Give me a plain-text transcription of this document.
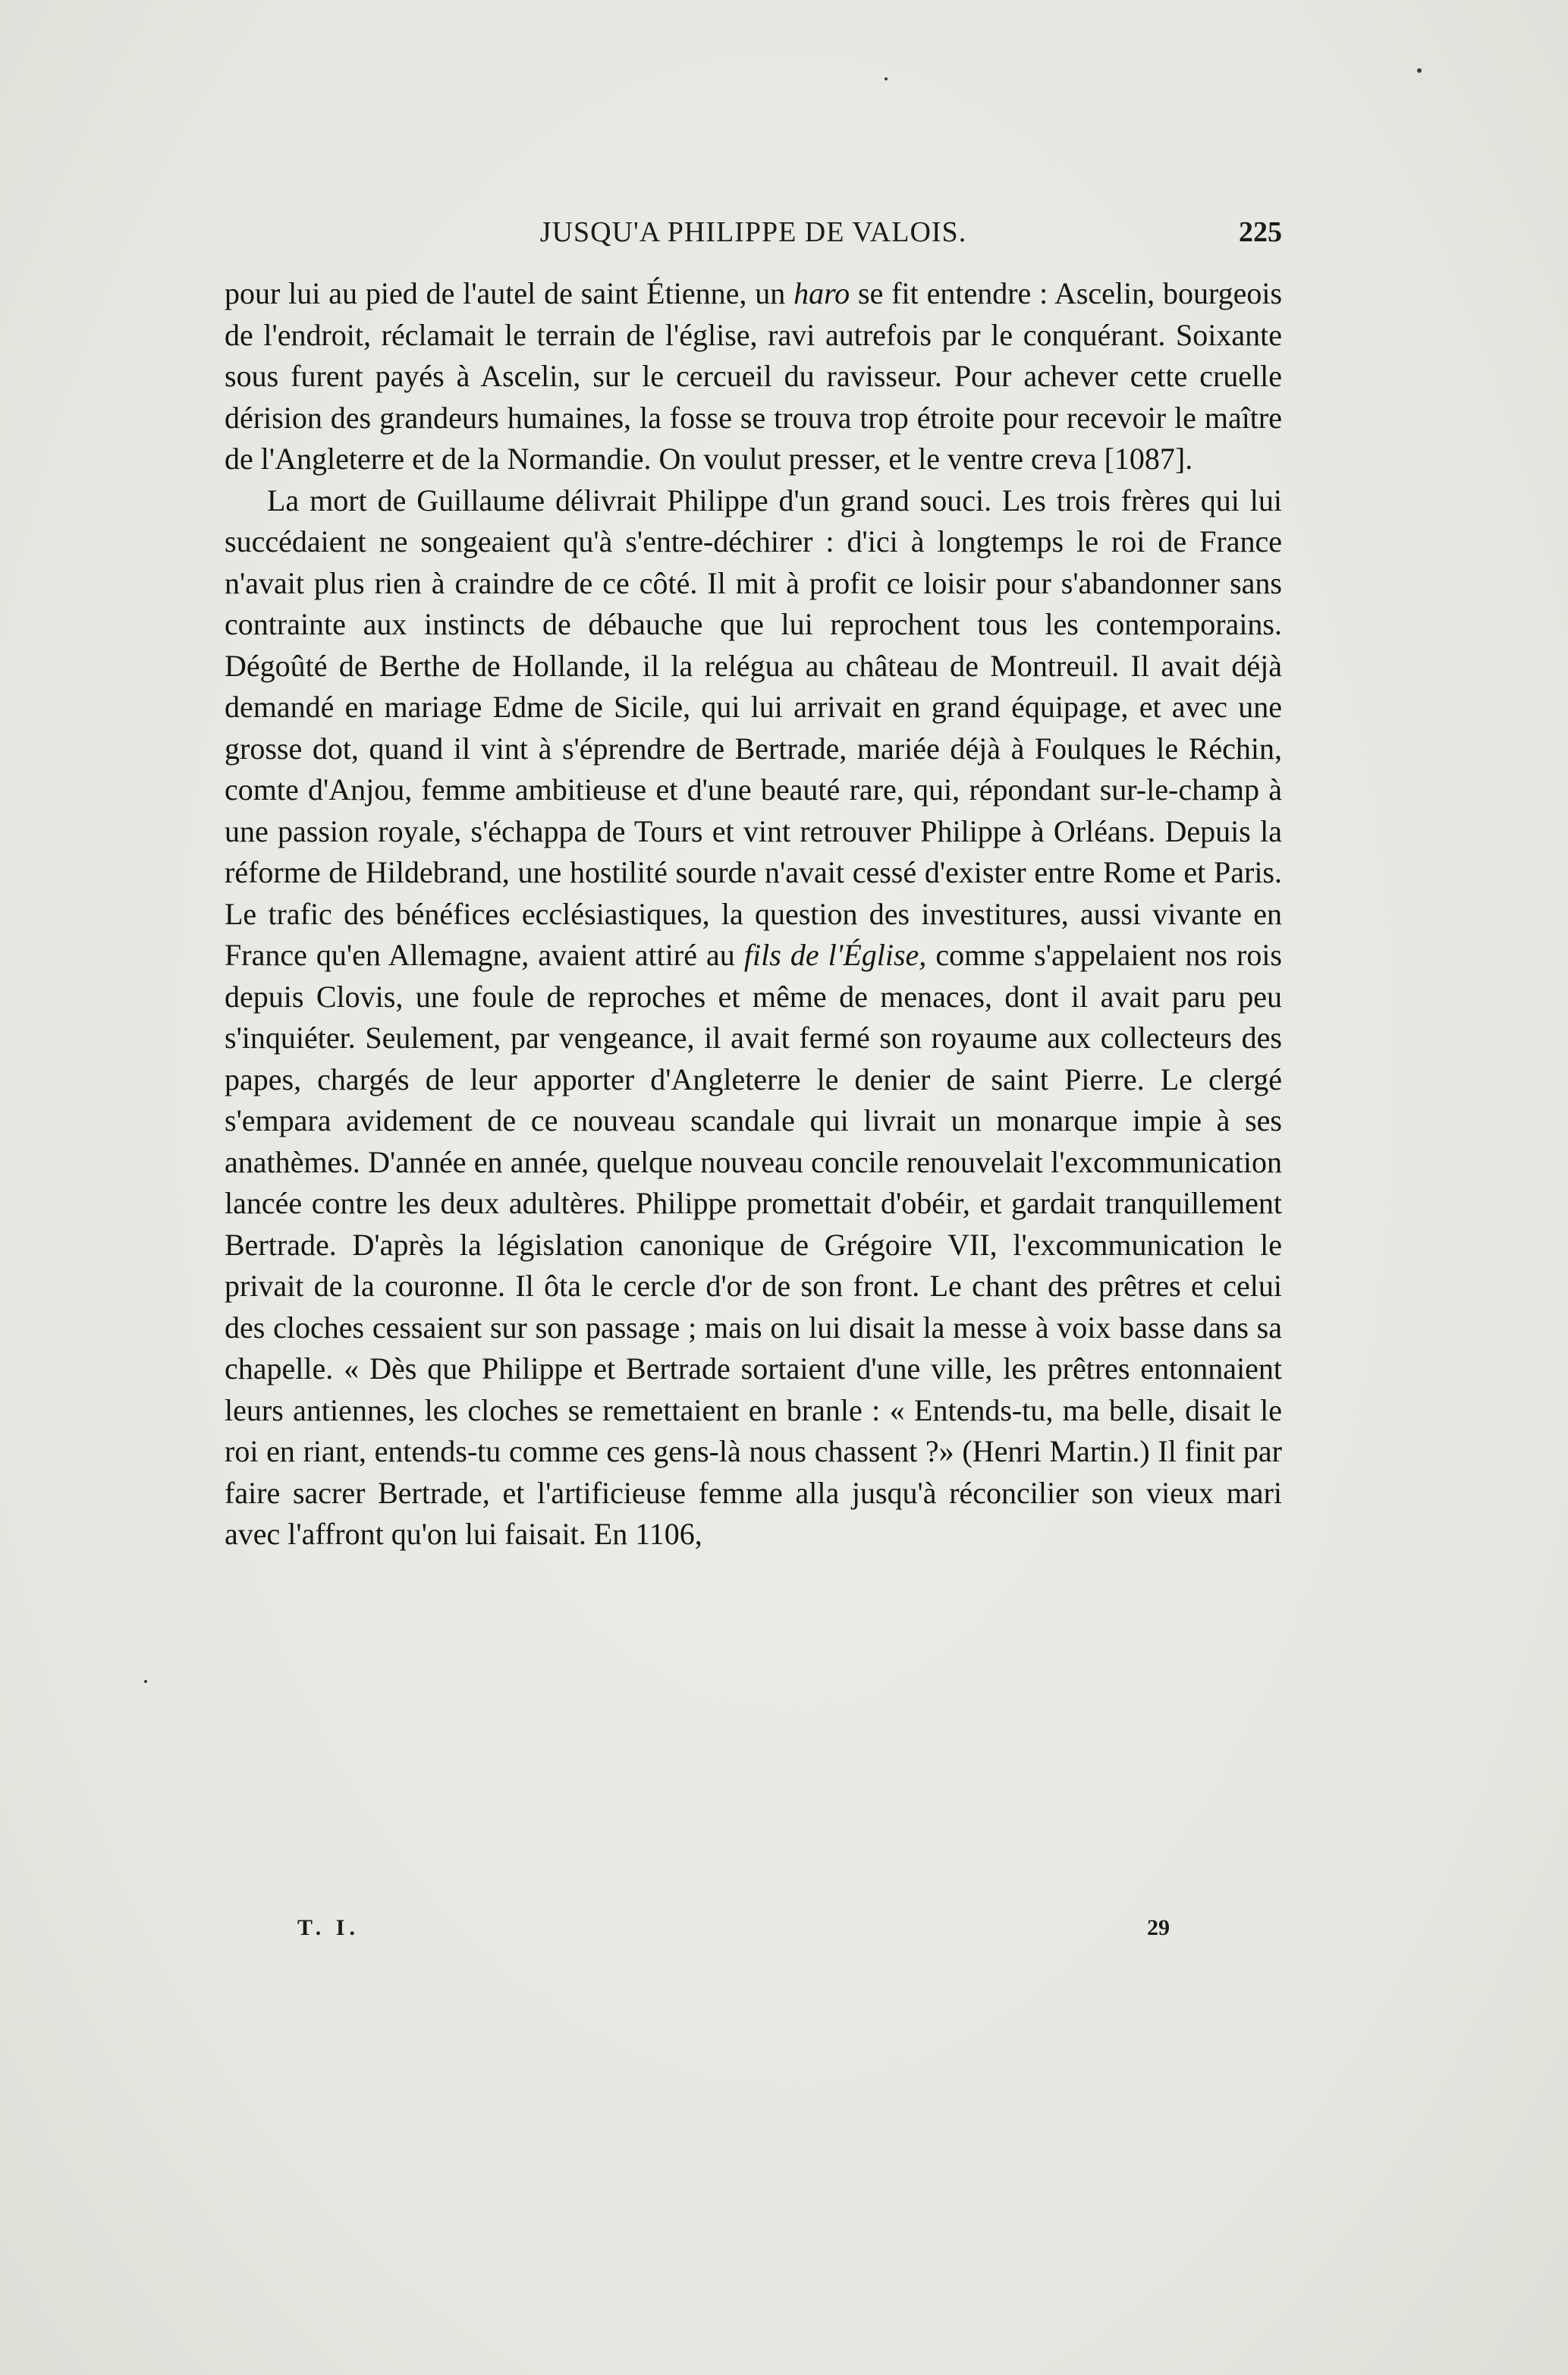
JUSQU'A PHILIPPE DE VALOIS.	225

pour lui au pied de l'autel de saint Étienne, un haro se fit entendre : Ascelin, bourgeois de l'endroit, réclamait le terrain de l'église, ravi autrefois par le conquérant. Soixante sous furent payés à Ascelin, sur le cercueil du ravisseur. Pour achever cette cruelle dérision des grandeurs humaines, la fosse se trouva trop étroite pour recevoir le maître de l'Angleterre et de la Normandie. On voulut presser, et le ventre creva [1087].

La mort de Guillaume délivrait Philippe d'un grand souci. Les trois frères qui lui succédaient ne songeaient qu'à s'entre-déchirer : d'ici à longtemps le roi de France n'avait plus rien à craindre de ce côté. Il mit à profit ce loisir pour s'abandonner sans contrainte aux instincts de débauche que lui reprochent tous les contemporains. Dégoûté de Berthe de Hollande, il la relégua au château de Montreuil. Il avait déjà demandé en mariage Edme de Sicile, qui lui arrivait en grand équipage, et avec une grosse dot, quand il vint à s'éprendre de Bertrade, mariée déjà à Foulques le Réchin, comte d'Anjou, femme ambitieuse et d'une beauté rare, qui, répondant sur-le-champ à une passion royale, s'échappa de Tours et vint retrouver Philippe à Orléans. Depuis la réforme de Hildebrand, une hostilité sourde n'avait cessé d'exister entre Rome et Paris. Le trafic des bénéfices ecclésiastiques, la question des investitures, aussi vivante en France qu'en Allemagne, avaient attiré au fils de l'Église, comme s'appelaient nos rois depuis Clovis, une foule de reproches et même de menaces, dont il avait paru peu s'inquiéter. Seulement, par vengeance, il avait fermé son royaume aux collecteurs des papes, chargés de leur apporter d'Angleterre le denier de saint Pierre. Le clergé s'empara avidement de ce nouveau scandale qui livrait un monarque impie à ses anathèmes. D'année en année, quelque nouveau concile renouvelait l'excommunication lancée contre les deux adultères. Philippe promettait d'obéir, et gardait tranquillement Bertrade. D'après la législation canonique de Grégoire VII, l'excommunication le privait de la couronne. Il ôta le cercle d'or de son front. Le chant des prêtres et celui des cloches cessaient sur son passage ; mais on lui disait la messe à voix basse dans sa chapelle. « Dès que Philippe et Bertrade sortaient d'une ville, les prêtres entonnaient leurs antiennes, les cloches se remettaient en branle : « Entends-tu, ma belle, disait le roi en riant, entends-tu comme ces gens-là nous chassent ?» (Henri Martin.) Il finit par faire sacrer Bertrade, et l'artificieuse femme alla jusqu'à réconcilier son vieux mari avec l'affront qu'on lui faisait. En 1106,

T. I.	29
